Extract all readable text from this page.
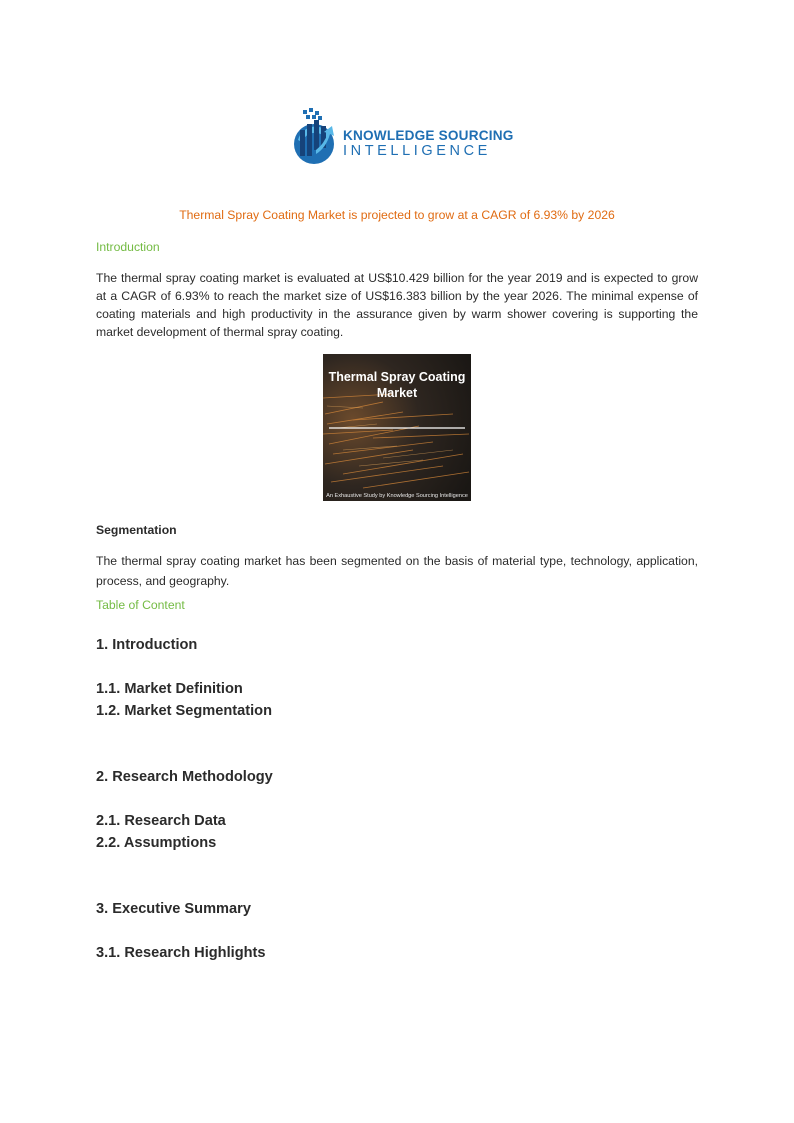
KNOWLEDGE SOURCING
INTELLIGENCE
Thermal Spray Coating Market is projected to grow at a CAGR of 6.93% by 2026
Introduction

The thermal spray coating market is evaluated at US$10.429 billion for the year 2019 and is expected to grow at a CAGR of 6.93% to reach the market size of US$16.383 billion by the year 2026. The minimal expense of coating materials and high productivity in the assurance given by warm shower covering is supporting the market development of thermal spray coating.

Thermal Spray Coating
Market
An Exhaustive Study by Knowledge Sourcing Intelligence
Segmentation

The thermal spray coating market has been segmented on the basis of material type, technology, application, process, and geography.

Table of Content
1. Introduction
1.1. Market Definition
1.2. Market Segmentation
2. Research Methodology
2.1. Research Data
2.2. Assumptions
3. Executive Summary
3.1. Research Highlights
